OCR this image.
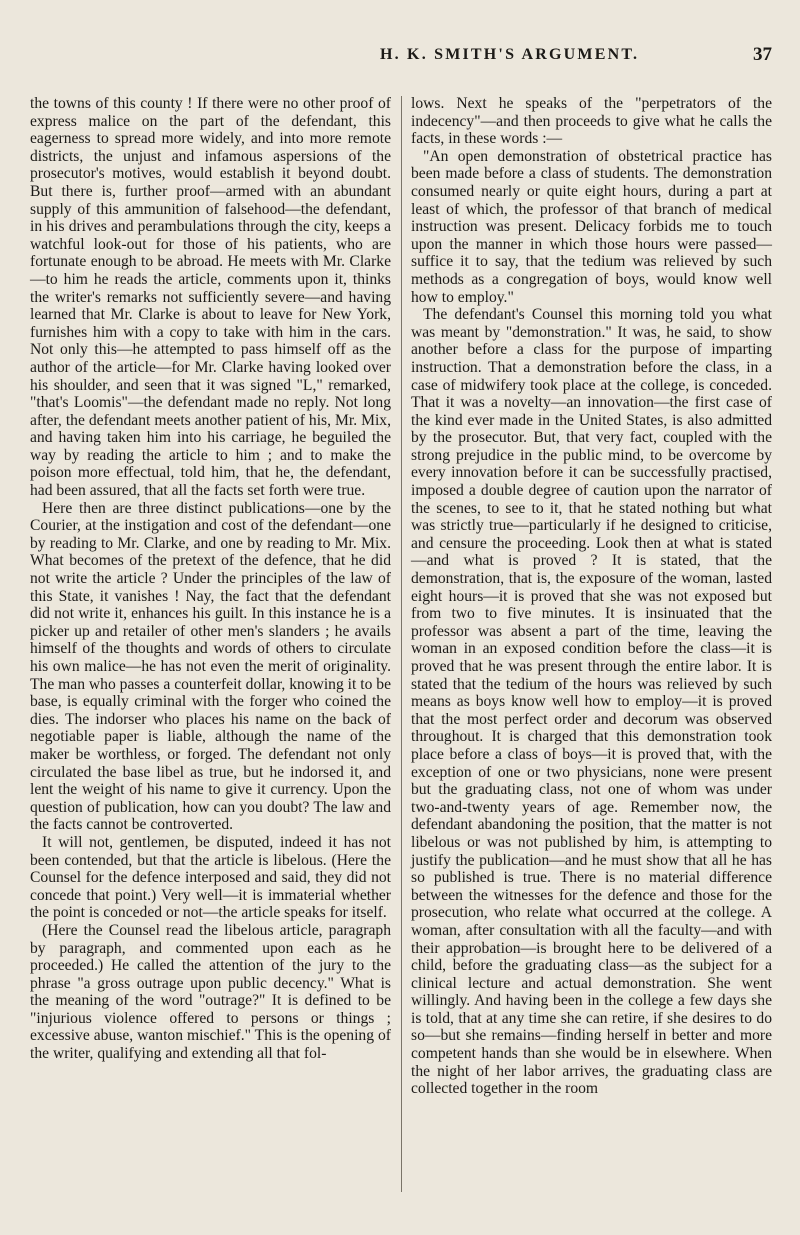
H. K. SMITH'S ARGUMENT.	37

the towns of this county ! If there were no other proof of express malice on the part of the defendant, this eagerness to spread more widely, and into more remote districts, the unjust and infamous aspersions of the prosecutor's motives, would establish it beyond doubt. But there is, further proof—armed with an abundant supply of this ammunition of falsehood—the defendant, in his drives and perambulations through the city, keeps a watchful look-out for those of his patients, who are fortunate enough to be abroad. He meets with Mr. Clarke—to him he reads the article, comments upon it, thinks the writer's remarks not sufficiently severe—and having learned that Mr. Clarke is about to leave for New York, furnishes him with a copy to take with him in the cars. Not only this—he attempted to pass himself off as the author of the article—for Mr. Clarke having looked over his shoulder, and seen that it was signed "L," remarked, "that's Loomis"—the defendant made no reply. Not long after, the defendant meets another patient of his, Mr. Mix, and having taken him into his carriage, he beguiled the way by reading the article to him ; and to make the poison more effectual, told him, that he, the defendant, had been assured, that all the facts set forth were true.

Here then are three distinct publications—one by the Courier, at the instigation and cost of the defendant—one by reading to Mr. Clarke, and one by reading to Mr. Mix. What becomes of the pretext of the defence, that he did not write the article ? Under the principles of the law of this State, it vanishes ! Nay, the fact that the defendant did not write it, enhances his guilt. In this instance he is a picker up and retailer of other men's slanders ; he avails himself of the thoughts and words of others to circulate his own malice—he has not even the merit of originality. The man who passes a counterfeit dollar, knowing it to be base, is equally criminal with the forger who coined the dies. The indorser who places his name on the back of negotiable paper is liable, although the name of the maker be worthless, or forged. The defendant not only circulated the base libel as true, but he indorsed it, and lent the weight of his name to give it currency. Upon the question of publication, how can you doubt? The law and the facts cannot be controverted.

It will not, gentlemen, be disputed, indeed it has not been contended, but that the article is libelous. (Here the Counsel for the defence interposed and said, they did not concede that point.) Very well—it is immaterial whether the point is conceded or not—the article speaks for itself.

(Here the Counsel read the libelous article, paragraph by paragraph, and commented upon each as he proceeded.) He called the attention of the jury to the phrase "a gross outrage upon public decency." What is the meaning of the word "outrage?" It is defined to be "injurious violence offered to persons or things ; excessive abuse, wanton mischief." This is the opening of the writer, qualifying and extending all that fol-

lows. Next he speaks of the "perpetrators of the indecency"—and then proceeds to give what he calls the facts, in these words :—

"An open demonstration of obstetrical practice has been made before a class of students. The demonstration consumed nearly or quite eight hours, during a part at least of which, the professor of that branch of medical instruction was present. Delicacy forbids me to touch upon the manner in which those hours were passed—suffice it to say, that the tedium was relieved by such methods as a congregation of boys, would know well how to employ."

The defendant's Counsel this morning told you what was meant by "demonstration." It was, he said, to show another before a class for the purpose of imparting instruction. That a demonstration before the class, in a case of midwifery took place at the college, is conceded. That it was a novelty—an innovation—the first case of the kind ever made in the United States, is also admitted by the prosecutor. But, that very fact, coupled with the strong prejudice in the public mind, to be overcome by every innovation before it can be successfully practised, imposed a double degree of caution upon the narrator of the scenes, to see to it, that he stated nothing but what was strictly true—particularly if he designed to criticise, and censure the proceeding. Look then at what is stated—and what is proved ? It is stated, that the demonstration, that is, the exposure of the woman, lasted eight hours—it is proved that she was not exposed but from two to five minutes. It is insinuated that the professor was absent a part of the time, leaving the woman in an exposed condition before the class—it is proved that he was present through the entire labor. It is stated that the tedium of the hours was relieved by such means as boys know well how to employ—it is proved that the most perfect order and decorum was observed throughout. It is charged that this demonstration took place before a class of boys—it is proved that, with the exception of one or two physicians, none were present but the graduating class, not one of whom was under two-and-twenty years of age. Remember now, the defendant abandoning the position, that the matter is not libelous or was not published by him, is attempting to justify the publication—and he must show that all he has so published is true. There is no material difference between the witnesses for the defence and those for the prosecution, who relate what occurred at the college. A woman, after consultation with all the faculty—and with their approbation—is brought here to be delivered of a child, before the graduating class—as the subject for a clinical lecture and actual demonstration. She went willingly. And having been in the college a few days she is told, that at any time she can retire, if she desires to do so—but she remains—finding herself in better and more competent hands than she would be in elsewhere. When the night of her labor arrives, the graduating class are collected together in the room
